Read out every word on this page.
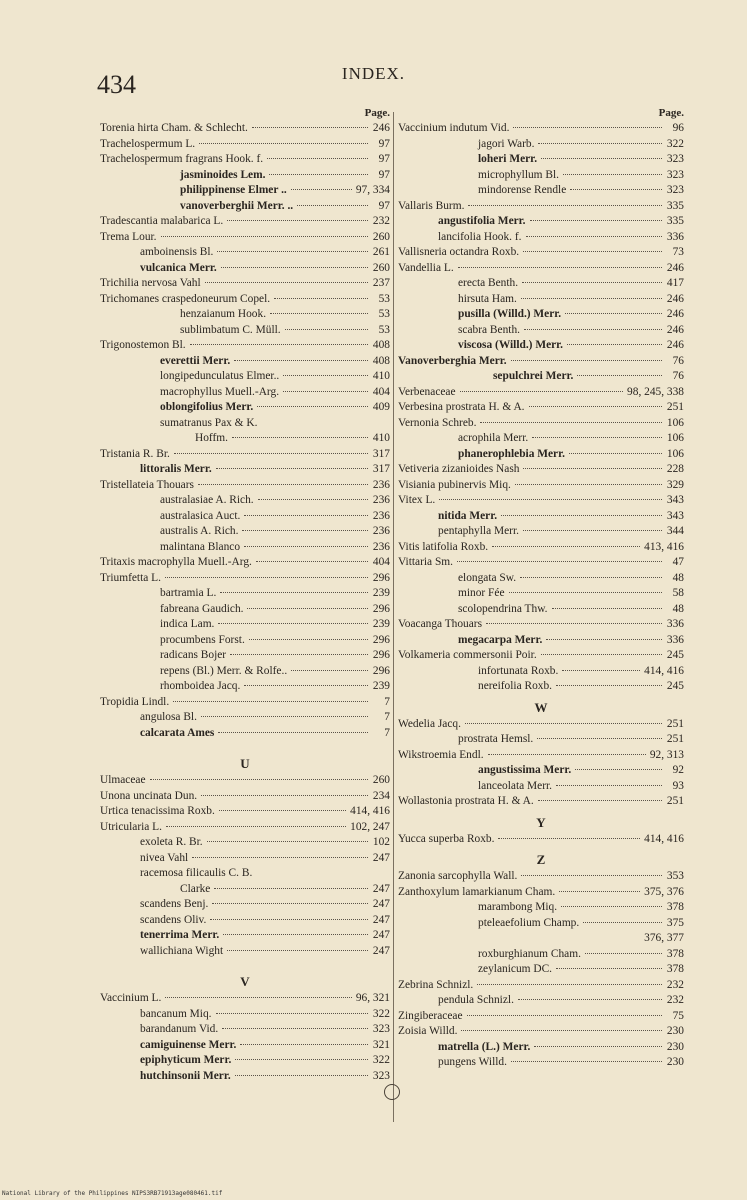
434	INDEX.
Page.
Torenia hirta Cham. & Schlecht.	246
Trachelospermum L.	97
Trachelospermum fragrans Hook. f.	97
jasminoides Lem.	97
philippinense Elmer ..	97, 334
vanoverberghii Merr. ..	97
Tradescantia malabarica L.	232
Trema Lour.	260
amboinensis Bl.	261
vulcanica Merr.	260
Trichilia nervosa Vahl	237
Trichomanes craspedoneurum Copel.	53
henzaianum Hook.	53
sublimbatum C. Müll.	53
Trigonostemon Bl.	408
everettii Merr.	408
longipedunculatus Elmer..	410
macrophyllus Muell.-Arg.	404
oblongifolius Merr.	409
sumatranus Pax & K.
Hoffm.	410
Tristania R. Br.	317
littoralis Merr.	317
Tristellateia Thouars	236
australasiae A. Rich.	236
australasica Auct.	236
australis A. Rich.	236
malintana Blanco	236
Tritaxis macrophylla Muell.-Arg.	404
Triumfetta L.	296
bartramia L.	239
fabreana Gaudich.	296
indica Lam.	239
procumbens Forst.	296
radicans Bojer	296
repens (Bl.) Merr. & Rolfe..	296
rhomboidea Jacq.	239
Tropidia Lindl.	7
angulosa Bl.	7
calcarata Ames	7
U
Ulmaceae	260
Unona uncinata Dun.	234
Urtica tenacissima Roxb.	414, 416
Utricularia L.	102, 247
exoleta R. Br.	102
nivea Vahl	247
racemosa filicaulis C. B.
Clarke	247
scandens Benj.	247
scandens Oliv.	247
tenerrima Merr.	247
wallichiana Wight	247
V
Vaccinium L.	96, 321
bancanum Miq.	322
barandanum Vid.	323
camiguinense Merr.	321
epiphyticum Merr.	322
hutchinsonii Merr.	323
Page.
Vaccinium indutum Vid.	96
jagori Warb.	322
loheri Merr.	323
microphyllum Bl.	323
mindorense Rendle	323
Vallaris Burm.	335
angustifolia Merr.	335
lancifolia Hook. f.	336
Vallisneria octandra Roxb.	73
Vandellia L.	246
erecta Benth.	417
hirsuta Ham.	246
pusilla (Willd.) Merr.	246
scabra Benth.	246
viscosa (Willd.) Merr.	246
Vanoverberghia Merr.	76
sepulchrei Merr.	76
Verbenaceae	98, 245, 338
Verbesina prostrata H. & A.	251
Vernonia Schreb.	106
acrophila Merr.	106
phanerophlebia Merr.	106
Vetiveria zizanioides Nash	228
Visiania pubinervis Miq.	329
Vitex L.	343
nitida Merr.	343
pentaphylla Merr.	344
Vitis latifolia Roxb.	413, 416
Vittaria Sm.	47
elongata Sw.	48
minor Fée	58
scolopendrina Thw.	48
Voacanga Thouars	336
megacarpa Merr.	336
Volkameria commersonii Poir.	245
infortunata Roxb.	414, 416
nereifolia Roxb.	245
W
Wedelia Jacq.	251
prostrata Hemsl.	251
Wikstroemia Endl.	92, 313
angustissima Merr.	92
lanceolata Merr.	93
Wollastonia prostrata H. & A.	251
Y
Yucca superba Roxb.	414, 416
Z
Zanonia sarcophylla Wall.	353
Zanthoxylum lamarkianum Cham.	375, 376
marambong Miq.	378
pteleaefolium Champ.	375
376, 377
roxburghianum Cham.	378
zeylanicum DC.	378
Zebrina Schnizl.	232
pendula Schnizl.	232
Zingiberaceae	75
Zoisia Willd.	230
matrella (L.) Merr.	230
pungens Willd.	230
National Library of the Philippines NIPS3RB71913age080461.tif
